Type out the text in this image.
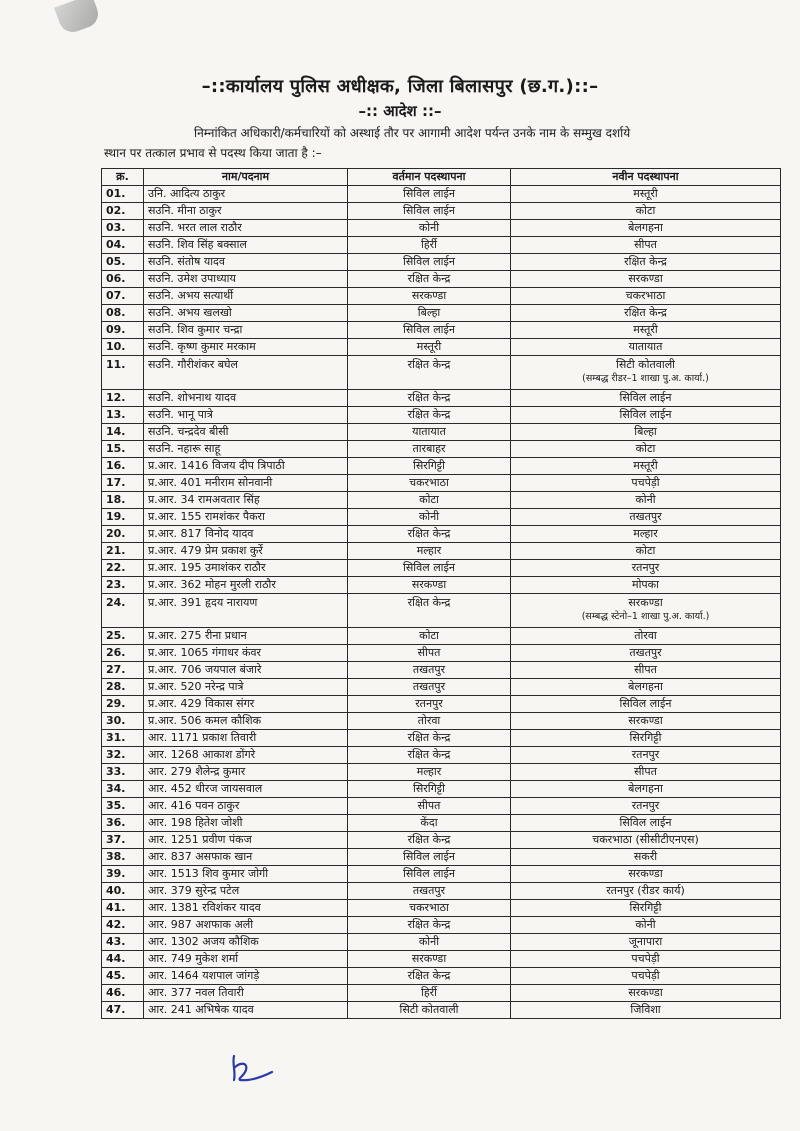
–::कार्यालय पुलिस अधीक्षक, जिला बिलासपुर (छ.ग.)::–
–:: आदेश ::–

निम्नांकित अधिकारी/कर्मचारियों को अस्थाई तौर पर आगामी आदेश पर्यन्त उनके नाम के सम्मुख दर्शाये

स्थान पर तत्काल प्रभाव से पदस्थ किया जाता है :–

क्र.	नाम/पदनाम	वर्तमान पदस्थापना	नवीन पदस्थापना
01.	उनि. आदित्य ठाकुर	सिविल लाईन	मस्तूरी
02.	सउनि. मीना ठाकुर	सिविल लाईन	कोटा
03.	सउनि. भरत लाल राठौर	कोनी	बेलगहना
04.	सउनि. शिव सिंह बक्साल	हिर्री	सीपत
05.	सउनि. संतोष यादव	सिविल लाईन	रक्षित केन्द्र
06.	सउनि. उमेश उपाध्याय	रक्षित केन्द्र	सरकण्डा
07.	सउनि. अभय सत्यार्थी	सरकण्डा	चकरभाठा
08.	सउनि. अभय खलखो	बिल्हा	रक्षित केन्द्र
09.	सउनि. शिव कुमार चन्द्रा	सिविल लाईन	मस्तूरी
10.	सउनि. कृष्ण कुमार मरकाम	मस्तूरी	यातायात
11.	सउनि. गौरीशंकर बघेल	रक्षित केन्द्र	सिटी कोतवाली
(सम्बद्ध रीडर–1 शाखा पु.अ. कार्या.)

12.	सउनि. शोभनाथ यादव	रक्षित केन्द्र	सिविल लाईन
13.	सउनि. भानू पात्रे	रक्षित केन्द्र	सिविल लाईन
14.	सउनि. चन्द्रदेव बीसी	यातायात	बिल्हा
15.	सउनि. नहारू साहू	तारबाहर	कोटा
16.	प्र.आर. 1416 विजय दीप त्रिपाठी	सिरगिट्टी	मस्तूरी
17.	प्र.आर. 401 मनीराम सोनवानी	चकरभाठा	पचपेड़ी
18.	प्र.आर. 34 रामअवतार सिंह	कोटा	कोनी
19.	प्र.आर. 155 रामशंकर पैकरा	कोनी	तखतपुर
20.	प्र.आर. 817 विनोद यादव	रक्षित केन्द्र	मल्हार
21.	प्र.आर. 479 प्रेम प्रकाश कुर्रे	मल्हार	कोटा
22.	प्र.आर. 195 उमाशंकर राठौर	सिविल लाईन	रतनपुर
23.	प्र.आर. 362 मोहन मुरली राठौर	सरकण्डा	मोपका
24.	प्र.आर. 391 हृदय नारायण	रक्षित केन्द्र	सरकण्डा
(सम्बद्ध स्टेनो–1 शाखा पु.अ. कार्या.)

25.	प्र.आर. 275 रीना प्रधान	कोटा	तोरवा
26.	प्र.आर. 1065 गंगाधर कंवर	सीपत	तखतपुर
27.	प्र.आर. 706 जयपाल बंजारे	तखतपुर	सीपत
28.	प्र.आर. 520 नरेन्द्र पात्रे	तखतपुर	बेलगहना
29.	प्र.आर. 429 विकास संगर	रतनपुर	सिविल लाईन
30.	प्र.आर. 506 कमल कौशिक	तोरवा	सरकण्डा
31.	आर. 1171 प्रकाश तिवारी	रक्षित केन्द्र	सिरगिट्टी
32.	आर. 1268 आकाश डोंगरे	रक्षित केन्द्र	रतनपुर
33.	आर. 279 शैलेन्द्र कुमार	मल्हार	सीपत
34.	आर. 452 धीरज जायसवाल	सिरगिट्टी	बेलगहना
35.	आर. 416 पवन ठाकुर	सीपत	रतनपुर
36.	आर. 198 हितेश जोशी	केंदा	सिविल लाईन
37.	आर. 1251 प्रवीण पंकज	रक्षित केन्द्र	चकरभाठा (सीसीटीएनएस)
38.	आर. 837 असफाक खान	सिविल लाईन	सकरी
39.	आर. 1513 शिव कुमार जोगी	सिविल लाईन	सरकण्डा
40.	आर. 379 सुरेन्द्र पटेल	तखतपुर	रतनपुर (रीडर कार्य)
41.	आर. 1381 रविशंकर यादव	चकरभाठा	सिरगिट्टी
42.	आर. 987 अशफाक अली	रक्षित केन्द्र	कोनी
43.	आर. 1302 अजय कौशिक	कोनी	जूनापारा
44.	आर. 749 मुकेश शर्मा	सरकण्डा	पचपेड़ी
45.	आर. 1464 यशपाल जांगड़े	रक्षित केन्द्र	पचपेड़ी
46.	आर. 377 नवल तिवारी	हिर्री	सरकण्डा
47.	आर. 241 अभिषेक यादव	सिटी कोतवाली	जिविशा
